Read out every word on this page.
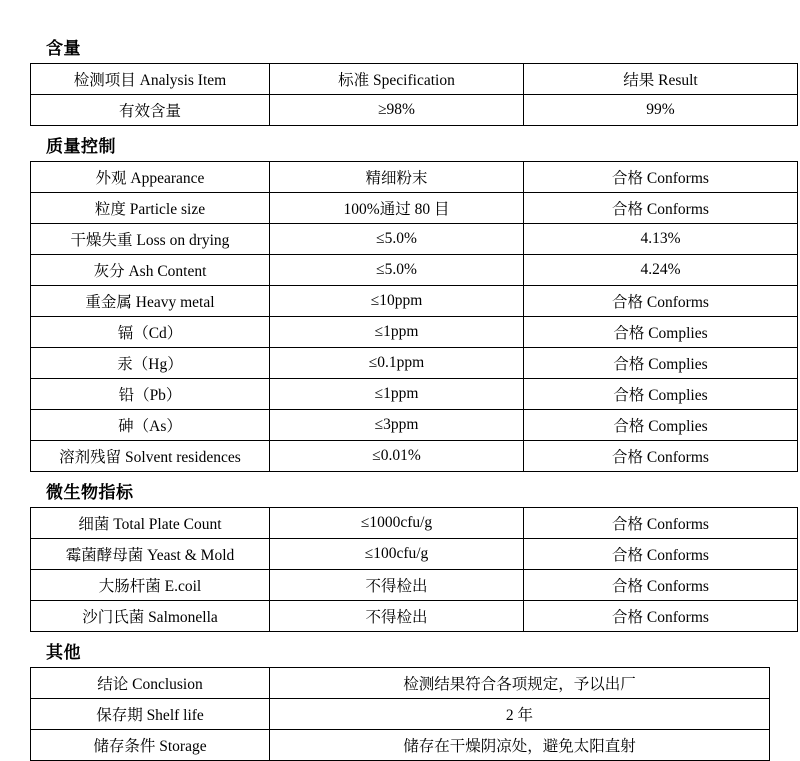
含量
检测项目 Analysis Item	标准 Specification	结果 Result
有效含量	≥98%	99%
质量控制
外观 Appearance	精细粉末	合格 Conforms
粒度 Particle size	100%通过 80 目	合格 Conforms
干燥失重 Loss on drying	≤5.0%	4.13%
灰分 Ash Content	≤5.0%	4.24%
重金属 Heavy metal	≤10ppm	合格 Conforms
镉（Cd）	≤1ppm	合格 Complies
汞（Hg）	≤0.1ppm	合格 Complies
铅（Pb）	≤1ppm	合格 Complies
砷（As）	≤3ppm	合格 Complies
溶剂残留 Solvent residences	≤0.01%	合格 Conforms
微生物指标
细菌 Total Plate Count	≤1000cfu/g	合格 Conforms
霉菌酵母菌 Yeast & Mold	≤100cfu/g	合格 Conforms
大肠杆菌 E.coil	不得检出	合格 Conforms
沙门氏菌 Salmonella	不得检出	合格 Conforms
其他
结论 Conclusion	检测结果符合各项规定，予以出厂
保存期 Shelf life	2 年
储存条件 Storage	储存在干燥阴凉处，避免太阳直射
